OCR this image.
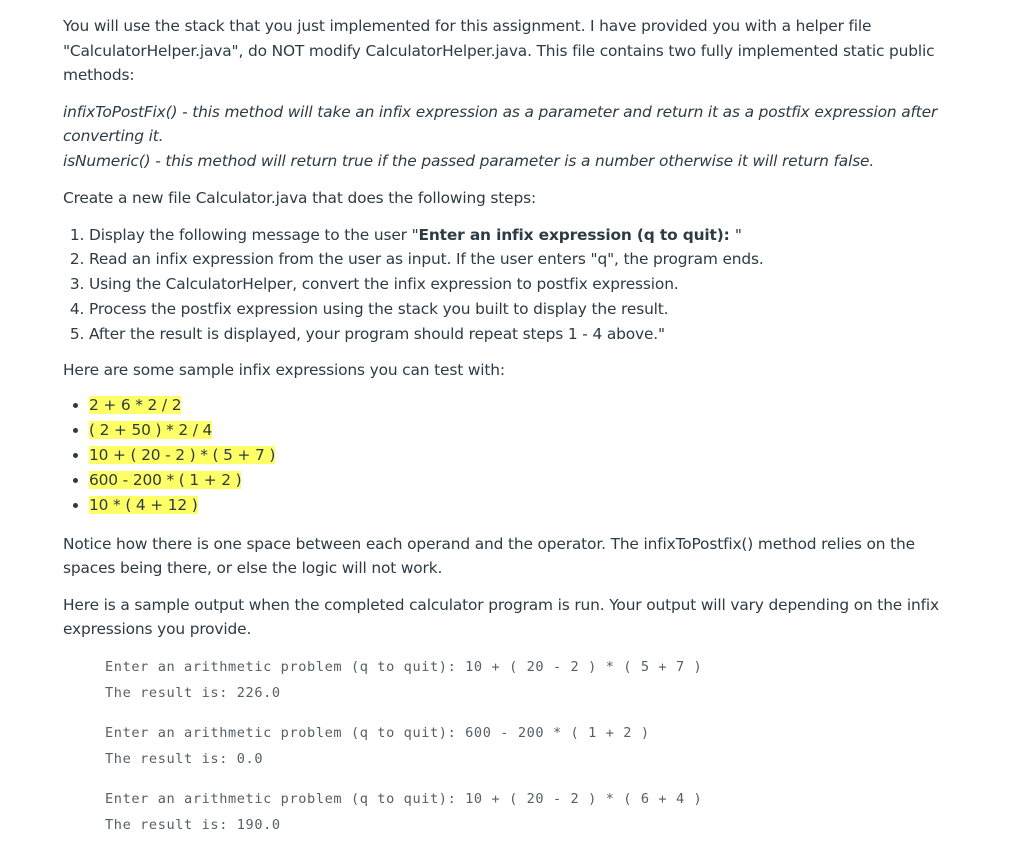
You will use the stack that you just implemented for this assignment. I have provided you with a helper file "CalculatorHelper.java", do NOT modify CalculatorHelper.java. This file contains two fully implemented static public methods:

infixToPostFix() - this method will take an infix expression as a parameter and return it as a postfix expression after converting it.

isNumeric() - this method will return true if the passed parameter is a number otherwise it will return false.

Create a new file Calculator.java that does the following steps:

1. Display the following message to the user "Enter an infix expression (q to quit): "
2. Read an infix expression from the user as input. If the user enters "q", the program ends.
3. Using the CalculatorHelper, convert the infix expression to postfix expression.
4. Process the postfix expression using the stack you built to display the result.
5. After the result is displayed, your program should repeat steps 1 - 4 above."

Here are some sample infix expressions you can test with:

• 2 + 6 * 2 / 2
• ( 2 + 50 ) * 2 / 4
• 10 + ( 20 - 2 ) * ( 5 + 7 )
• 600 - 200 * ( 1 + 2 )
• 10 * ( 4 + 12 )

Notice how there is one space between each operand and the operator. The infixToPostfix() method relies on the spaces being there, or else the logic will not work.

Here is a sample output when the completed calculator program is run. Your output will vary depending on the infix expressions you provide.

Enter an arithmetic problem (q to quit): 10 + ( 20 - 2 ) * ( 5 + 7 )
The result is: 226.0
Enter an arithmetic problem (q to quit): 600 - 200 * ( 1 + 2 )
The result is: 0.0
Enter an arithmetic problem (q to quit): 10 + ( 20 - 2 ) * ( 6 + 4 )
The result is: 190.0
